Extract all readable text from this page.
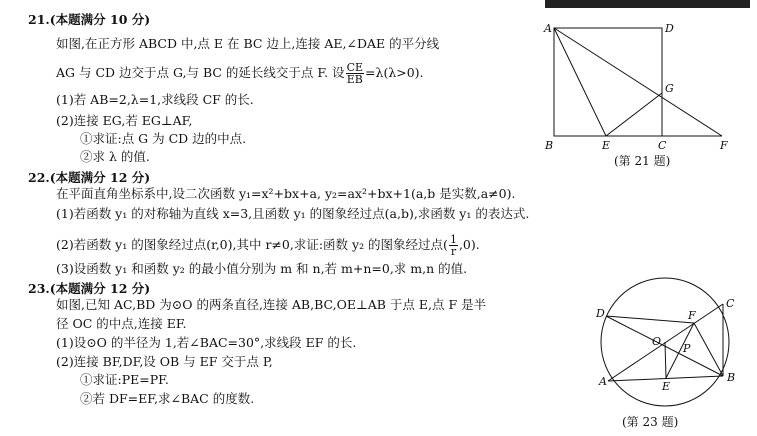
21.(本题满分 10 分)
如图,在正方形 ABCD 中,点 E 在 BC 边上,连接 AE,∠DAE 的平分线
AG 与 CD 边交于点 G,与 BC 的延长线交于点 F. 设 $\frac{CE}{EB} =\lambda(\lambda>0)$.
(1)若 AB=2,λ=1,求线段 CF 的长.
(2)连接 EG,若 EG⊥AF,
①求证:点 G 为 CD 边的中点.
②求 λ 的值.
A	D
G
B	E	C	F
(第 21 题)
22.(本题满分 12 分)
在平面直角坐标系中,设二次函数 y₁=x²+bx+a, y₂=ax²+bx+1(a,b 是实数,a≠0).
(1)若函数 y₁ 的对称轴为直线 x=3,且函数 y₁ 的图象经过点(a,b),求函数 y₁ 的表达式.
(2)若函数 y₁ 的图象经过点(r,0),其中 r≠0,求证:函数 y₂ 的图象经过点( $\frac{1}{r} ,0$).
(3)设函数 y₁ 和函数 y₂ 的最小值分别为 m 和 n,若 m+n=0,求 m,n 的值.
23.(本题满分 12 分)
如图,已知 AC,BD 为⊙O 的两条直径,连接 AB,BC,OE⊥AB 于点 E,点 F 是半
径 OC 的中点,连接 EF.
(1)设⊙O 的半径为 1,若∠BAC=30°,求线段 EF 的长.
(2)连接 BF,DF,设 OB 与 EF 交于点 P,
①求证:PE=PF.
②若 DF=EF,求∠BAC 的度数.
C
D	F
O
P
A	E
B
(第 23 题)
